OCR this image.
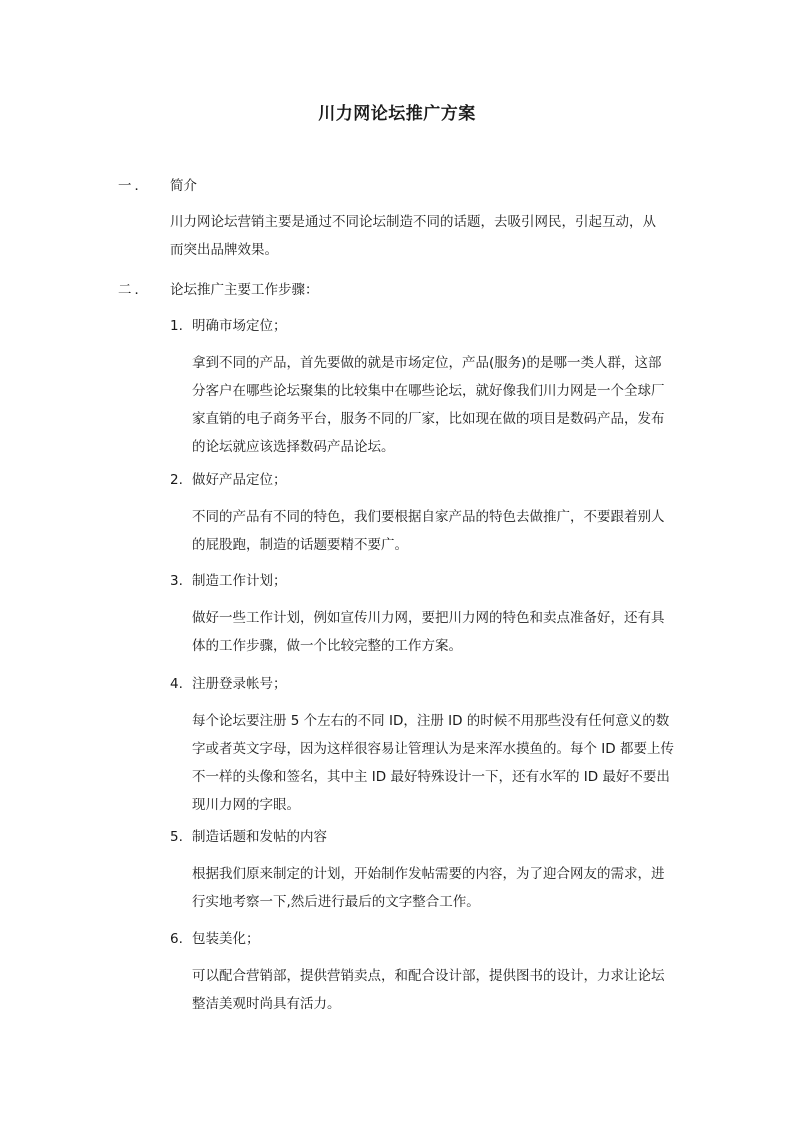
川力网论坛推广方案
一． 简介

川力网论坛营销主要是通过不同论坛制造不同的话题，去吸引网民，引起互动，从而突出品牌效果。

二． 论坛推广主要工作步骤：
1. 明确市场定位；

拿到不同的产品，首先要做的就是市场定位，产品(服务)的是哪一类人群，这部分客户在哪些论坛聚集的比较集中在哪些论坛，就好像我们川力网是一个全球厂家直销的电子商务平台，服务不同的厂家，比如现在做的项目是数码产品，发布的论坛就应该选择数码产品论坛。

2. 做好产品定位；

不同的产品有不同的特色，我们要根据自家产品的特色去做推广，不要跟着别人的屁股跑，制造的话题要精不要广。

3. 制造工作计划；

做好一些工作计划，例如宣传川力网，要把川力网的特色和卖点准备好，还有具体的工作步骤，做一个比较完整的工作方案。

4. 注册登录帐号；

每个论坛要注册 5 个左右的不同 ID，注册 ID 的时候不用那些没有任何意义的数字或者英文字母，因为这样很容易让管理认为是来浑水摸鱼的。每个 ID 都要上传不一样的头像和签名，其中主 ID 最好特殊设计一下，还有水军的 ID 最好不要出现川力网的字眼。

5. 制造话题和发帖的内容

根据我们原来制定的计划，开始制作发帖需要的内容，为了迎合网友的需求，进行实地考察一下,然后进行最后的文字整合工作。

6. 包装美化；

可以配合营销部，提供营销卖点，和配合设计部，提供图书的设计，力求让论坛整洁美观时尚具有活力。
